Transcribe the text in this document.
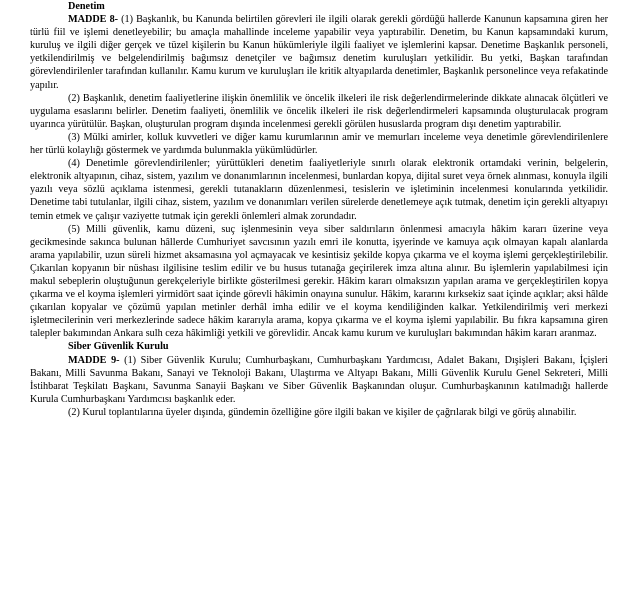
Denetim

MADDE 8- (1) Başkanlık, bu Kanunda belirtilen görevleri ile ilgili olarak gerekli gördüğü hallerde Kanunun kapsamına giren her türlü fiil ve işlemi denetleyebilir; bu amaçla mahallinde inceleme yapabilir veya yaptırabilir. Denetim, bu Kanun kapsamındaki kurum, kuruluş ve ilgili diğer gerçek ve tüzel kişilerin bu Kanun hükümleriyle ilgili faaliyet ve işlemlerini kapsar. Denetime Başkanlık personeli, yetkilendirilmiş ve belgelendirilmiş bağımsız denetçiler ve bağımsız denetim kuruluşları yetkilidir. Bu yetki, Başkan tarafından görevlendirilenler tarafından kullanılır. Kamu kurum ve kuruluşları ile kritik altyapılarda denetimler, Başkanlık personelince veya refakatinde yapılır.

(2) Başkanlık, denetim faaliyetlerine ilişkin önemlilik ve öncelik ilkeleri ile risk değerlendirmelerinde dikkate alınacak ölçütleri ve uygulama esaslarını belirler. Denetim faaliyeti, önemlilik ve öncelik ilkeleri ile risk değerlendirmeleri kapsamında oluşturulacak program uyarınca yürütülür. Başkan, oluşturulan program dışında incelenmesi gerekli görülen hususlarda program dışı denetim yaptırabilir.

(3) Mülki amirler, kolluk kuvvetleri ve diğer kamu kurumlarının amir ve memurları inceleme veya denetimle görevlendirilenlere her türlü kolaylığı göstermek ve yardımda bulunmakla yükümlüdürler.

(4) Denetimle görevlendirilenler; yürüttükleri denetim faaliyetleriyle sınırlı olarak elektronik ortamdaki verinin, belgelerin, elektronik altyapının, cihaz, sistem, yazılım ve donanımlarının incelenmesi, bunlardan kopya, dijital suret veya örnek alınması, konuyla ilgili yazılı veya sözlü açıklama istenmesi, gerekli tutanakların düzenlenmesi, tesislerin ve işletiminin incelenmesi konularında yetkilidir. Denetime tabi tutulanlar, ilgili cihaz, sistem, yazılım ve donanımları verilen sürelerde denetlemeye açık tutmak, denetim için gerekli altyapıyı temin etmek ve çalışır vaziyette tutmak için gerekli önlemleri almak zorundadır.

(5) Milli güvenlik, kamu düzeni, suç işlenmesinin veya siber saldırıların önlenmesi amacıyla hâkim kararı üzerine veya gecikmesinde sakınca bulunan hâllerde Cumhuriyet savcısının yazılı emri ile konutta, işyerinde ve kamuya açık olmayan kapalı alanlarda arama yapılabilir, uzun süreli hizmet aksamasına yol açmayacak ve kesintisiz şekilde kopya çıkarma ve el koyma işlemi gerçekleştirilebilir. Çıkarılan kopyanın bir nüshası ilgilisine teslim edilir ve bu husus tutanağa geçirilerek imza altına alınır. Bu işlemlerin yapılabilmesi için makul sebeplerin oluştuğunun gerekçeleriyle birlikte gösterilmesi gerekir. Hâkim kararı olmaksızın yapılan arama ve gerçekleştirilen kopya çıkarma ve el koyma işlemleri yirmidört saat içinde görevli hâkimin onayına sunulur. Hâkim, kararını kırksekiz saat içinde açıklar; aksi hâlde çıkarılan kopyalar ve çözümü yapılan metinler derhâl imha edilir ve el koyma kendiliğinden kalkar. Yetkilendirilmiş veri merkezi işletmecilerinin veri merkezlerinde sadece hâkim kararıyla arama, kopya çıkarma ve el koyma işlemi yapılabilir. Bu fıkra kapsamına giren talepler bakımından Ankara sulh ceza hâkimliği yetkili ve görevlidir. Ancak kamu kurum ve kuruluşları bakımından hâkim kararı aranmaz.

Siber Güvenlik Kurulu

MADDE 9- (1) Siber Güvenlik Kurulu; Cumhurbaşkanı, Cumhurbaşkanı Yardımcısı, Adalet Bakanı, Dışişleri Bakanı, İçişleri Bakanı, Milli Savunma Bakanı, Sanayi ve Teknoloji Bakanı, Ulaştırma ve Altyapı Bakanı, Milli Güvenlik Kurulu Genel Sekreteri, Milli İstihbarat Teşkilatı Başkanı, Savunma Sanayii Başkanı ve Siber Güvenlik Başkanından oluşur. Cumhurbaşkanının katılmadığı hallerde Kurula Cumhurbaşkanı Yardımcısı başkanlık eder.

(2) Kurul toplantılarına üyeler dışında, gündemin özelliğine göre ilgili bakan ve kişiler de çağrılarak bilgi ve görüş alınabilir.
